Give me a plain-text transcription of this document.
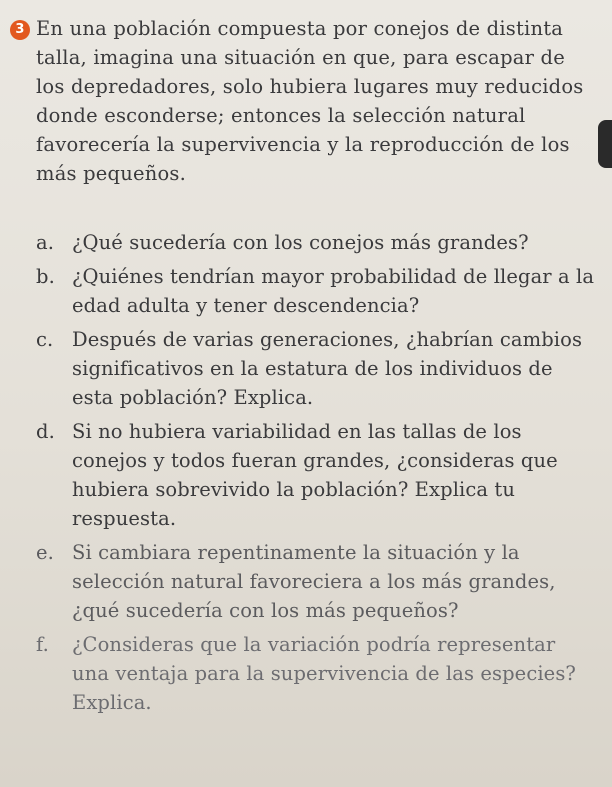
3 En una población compuesta por conejos de distinta talla, imagina una situación en que, para escapar de los depredadores, solo hubiera lugares muy reducidos donde esconderse; entonces la selección natural favorecería la supervivencia y la reproducción de los más pequeños.
a. ¿Qué sucedería con los conejos más grandes?
b. ¿Quiénes tendrían mayor probabilidad de llegar a la edad adulta y tener descendencia?
c. Después de varias generaciones, ¿habrían cambios significativos en la estatura de los individuos de esta población? Explica.
d. Si no hubiera variabilidad en las tallas de los conejos y todos fueran grandes, ¿consideras que hubiera sobrevivido la población? Explica tu respuesta.
e. Si cambiara repentinamente la situación y la selección natural favoreciera a los más grandes, ¿qué sucedería con los más pequeños?
f.	¿Consideras que la variación podría representar una ventaja para la supervivencia de las especies? Explica.
